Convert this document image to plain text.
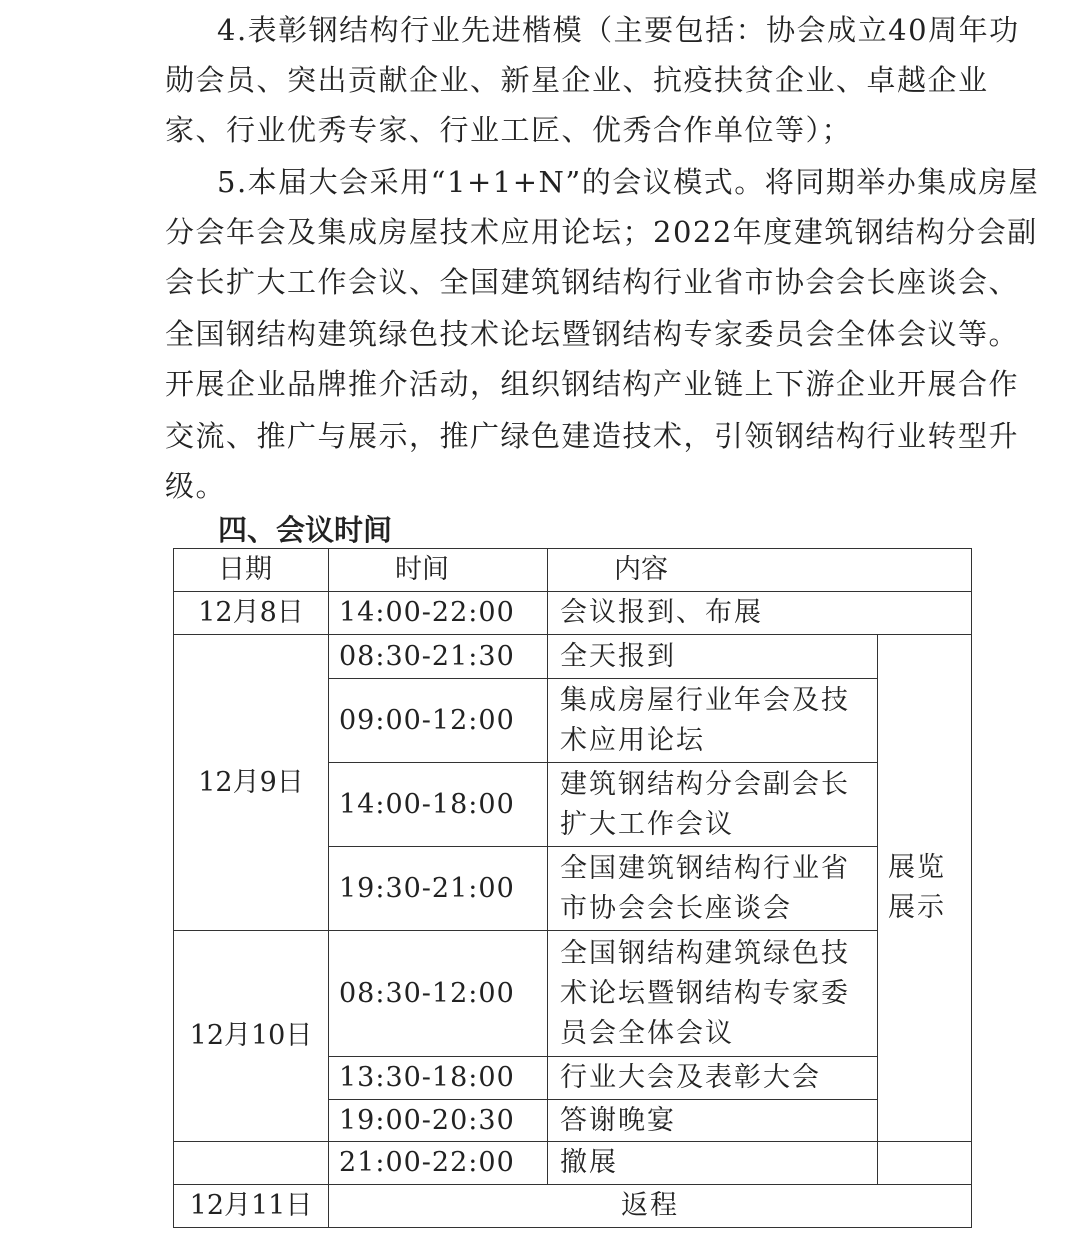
4.表彰钢结构行业先进楷模（主要包括：协会成立40周年功
勋会员、突出贡献企业、新星企业、抗疫扶贫企业、卓越企业
家、行业优秀专家、行业工匠、优秀合作单位等）；
5.本届大会采用“1+1+N”的会议模式。将同期举办集成房屋
分会年会及集成房屋技术应用论坛；2022年度建筑钢结构分会副
会长扩大工作会议、全国建筑钢结构行业省市协会会长座谈会、
全国钢结构建筑绿色技术论坛暨钢结构专家委员会全体会议等。
开展企业品牌推介活动，组织钢结构产业链上下游企业开展合作
交流、推广与展示，推广绿色建造技术，引领钢结构行业转型升
级。
四、会议时间
日期	时间	内容	
12月8日	14:00-22:00	会议报到、布展	
12月9日	08:30-21:30	全天报到	展览
展示

	09:00-12:00	集成房屋行业年会及技
术应用论坛	

	14:00-18:00	建筑钢结构分会副会长
扩大工作会议	

	19:30-21:00	全国建筑钢结构行业省
市协会会长座谈会	

12月10日	08:30-12:00	全国钢结构建筑绿色技
术论坛暨钢结构专家委
员会全体会议	

	13:30-18:00	行业大会及表彰大会	
	19:00-20:30	答谢晚宴	
	21:00-22:00	撤展	
12月11日	返程		
